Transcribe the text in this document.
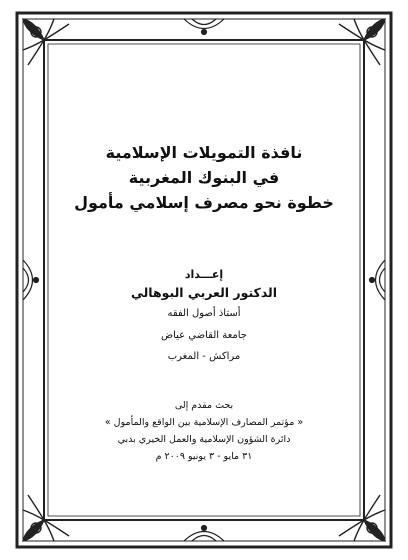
نافذة التمويلات الإسلامية
في البنوك المغربية
خطوة نحو مصرف إسلامي مأمول
إعـــداد
الدكتور العربي البوهالي
أستاذ أصول الفقه
جامعة القاضي عياض
مراكش - المغرب
بحث مقدم إلى
« مؤتمر المصارف الإسلامية بين الواقع والمأمول »
دائرة الشؤون الإسلامية والعمل الخيري بدبي
٣١ مايو - ٣ يونيو ٢٠٠٩ م
